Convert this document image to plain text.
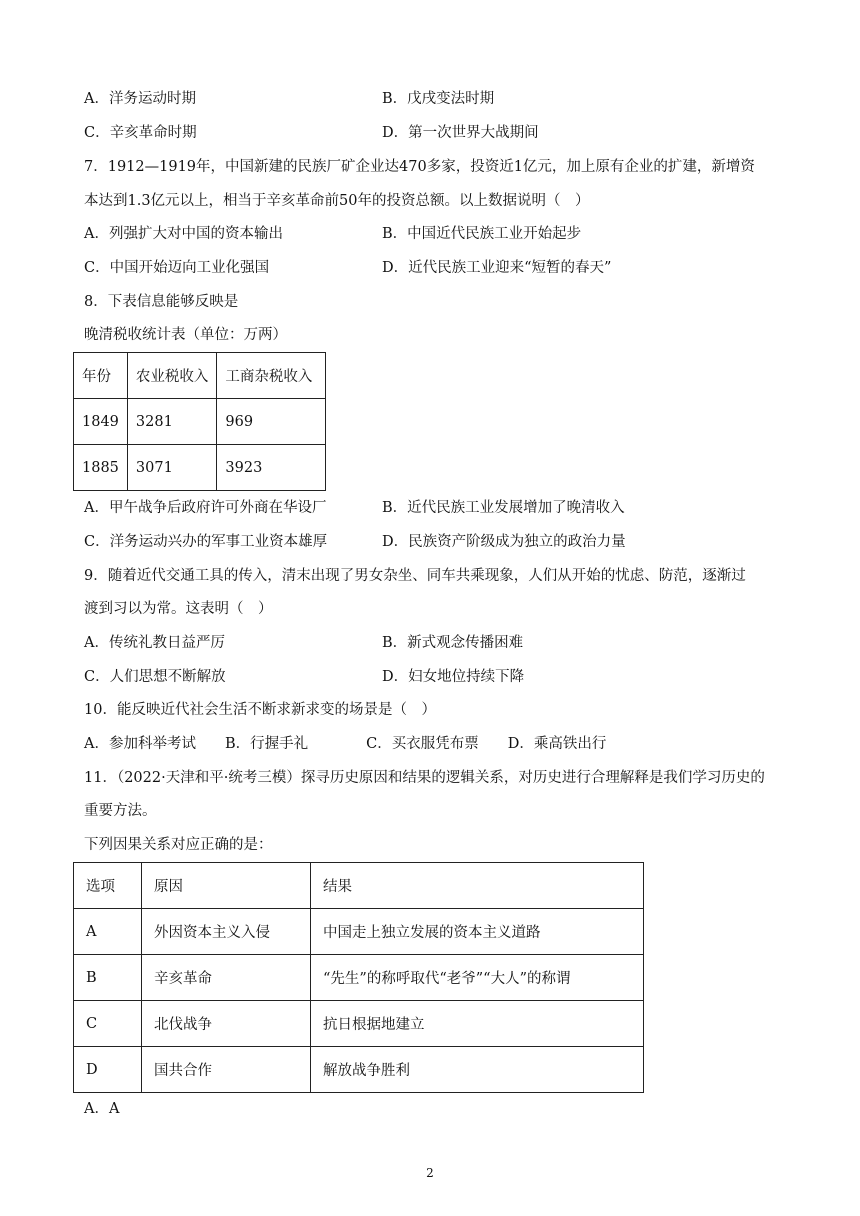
A．洋务运动时期	B．戊戌变法时期
C．辛亥革命时期	D．第一次世界大战期间
7．1912—1919年，中国新建的民族厂矿企业达470多家，投资近1亿元，加上原有企业的扩建，新增资
本达到1.3亿元以上，相当于辛亥革命前50年的投资总额。以上数据说明（　）
A．列强扩大对中国的资本输出	B．中国近代民族工业开始起步
C．中国开始迈向工业化强国	D．近代民族工业迎来“短暂的春天”
8．下表信息能够反映是
晚清税收统计表（单位：万两）
年份	农业税收入	工商杂税收入
1849	3281	969
1885	3071	3923
A．甲午战争后政府许可外商在华设厂	B．近代民族工业发展增加了晚清收入
C．洋务运动兴办的军事工业资本雄厚	D．民族资产阶级成为独立的政治力量
9．随着近代交通工具的传入，清末出现了男女杂坐、同车共乘现象，人们从开始的忧虑、防范，逐渐过
渡到习以为常。这表明（　）
A．传统礼教日益严厉	B．新式观念传播困难
C．人们思想不断解放	D．妇女地位持续下降
10．能反映近代社会生活不断求新求变的场景是（　）
A．参加科举考试　　B．行握手礼　　　　C．买衣服凭布票　　D．乘高铁出行
11．（2022·天津和平·统考三模）探寻历史原因和结果的逻辑关系，对历史进行合理解释是我们学习历史的
重要方法。
下列因果关系对应正确的是：
选项	原因	结果
A	外因资本主义入侵	中国走上独立发展的资本主义道路
B	辛亥革命	“先生”的称呼取代“老爷”“大人”的称谓
C	北伐战争	抗日根据地建立
D	国共合作	解放战争胜利
A．A
2
